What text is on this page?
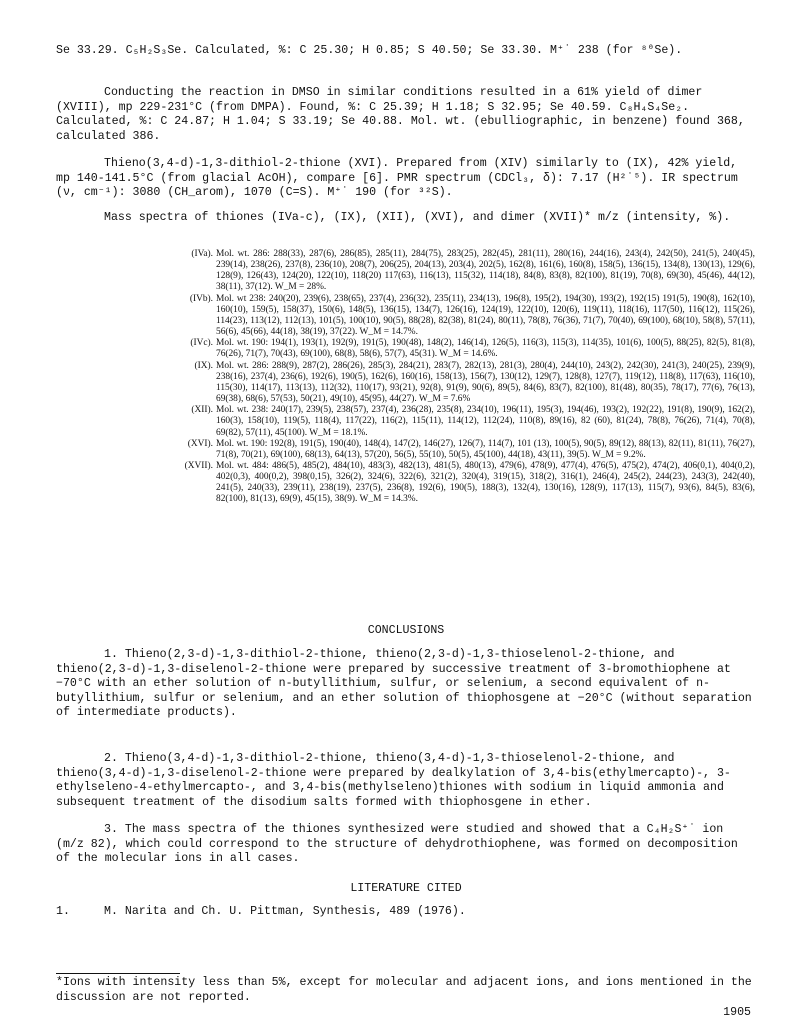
Se 33.29. C₅H₂S₃Se. Calculated, %: C 25.30; H 0.85; S 40.50; Se 33.30. M⁺˙ 238 (for ⁸⁰Se).

Conducting the reaction in DMSO in similar conditions resulted in a 61% yield of dimer (XVIII), mp 229-231°C (from DMPA). Found, %: C 25.39; H 1.18; S 32.95; Se 40.59. C₈H₄S₄Se₂. Calculated, %: C 24.87; H 1.04; S 33.19; Se 40.88. Mol. wt. (ebulliographic, in benzene) found 368, calculated 386.

Thieno(3,4-d)-1,3-dithiol-2-thione (XVI). Prepared from (XIV) similarly to (IX), 42% yield, mp 140-141.5°C (from glacial AcOH), compare [6]. PMR spectrum (CDCl₃, δ): 7.17 (H²˙⁵). IR spectrum (ν, cm⁻¹): 3080 (CH_arom), 1070 (C=S). M⁺˙ 190 (for ³²S).

Mass spectra of thiones (IVa-c), (IX), (XII), (XVI), and dimer (XVII)* m/z (intensity, %).

(IVa). Mol. wt. 286: 288(33), 287(6), 286(85), 285(11), 284(75), 283(25), 282(45), 281(11), 280(16), 244(16), 243(4), 242(50), 241(5), 240(45), 239(14), 238(26), 237(8), 236(10), 208(7), 206(25), 204(13), 203(4), 202(5), 162(8), 161(6), 160(8), 158(5), 136(15), 134(8), 130(13), 129(6), 128(9), 126(43), 124(20), 122(10), 118(20) 117(63), 116(13), 115(32), 114(18), 84(8), 83(8), 82(100), 81(19), 70(8), 69(30), 45(46), 44(12), 38(11), 37(12). W_M = 28%.
(IVb). Mol. wt 238: 240(20), 239(6), 238(65), 237(4), 236(32), 235(11), 234(13), 196(8), 195(2), 194(30), 193(2), 192(15) 191(5), 190(8), 162(10), 160(10), 159(5), 158(37), 150(6), 148(5), 136(15), 134(7), 126(16), 124(19), 122(10), 120(6), 119(11), 118(16), 117(50), 116(12), 115(26), 114(23), 113(12), 112(13), 101(5), 100(10), 90(5), 88(28), 82(38), 81(24), 80(11), 78(8), 76(36), 71(7), 70(40), 69(100), 68(10), 58(8), 57(11), 56(6), 45(66), 44(18), 38(19), 37(22). W_M = 14.7%.
(IVc). Mol. wt. 190: 194(1), 193(1), 192(9), 191(5), 190(48), 148(2), 146(14), 126(5), 116(3), 115(3), 114(35), 101(6), 100(5), 88(25), 82(5), 81(8), 76(26), 71(7), 70(43), 69(100), 68(8), 58(6), 57(7), 45(31). W_M = 14.6%.
(IX). Mol. wt. 286: 288(9), 287(2), 286(26), 285(3), 284(21), 283(7), 282(13), 281(3), 280(4), 244(10), 243(2), 242(30), 241(3), 240(25), 239(9), 238(16), 237(4), 236(6), 192(6), 190(5), 162(6), 160(16), 158(13), 156(7), 130(12), 129(7), 128(8), 127(7), 119(12), 118(8), 117(63), 116(10), 115(30), 114(17), 113(13), 112(32), 110(17), 93(21), 92(8), 91(9), 90(6), 89(5), 84(6), 83(7), 82(100), 81(48), 80(35), 78(17), 77(6), 76(13), 69(38), 68(6), 57(53), 50(21), 49(10), 45(95), 44(27). W_M = 7.6%
(XII). Mol. wt. 238: 240(17), 239(5), 238(57), 237(4), 236(28), 235(8), 234(10), 196(11), 195(3), 194(46), 193(2), 192(22), 191(8), 190(9), 162(2), 160(3), 158(10), 119(5), 118(4), 117(22), 116(2), 115(11), 114(12), 112(24), 110(8), 89(16), 82 (60), 81(24), 78(8), 76(26), 71(4), 70(8), 69(82), 57(11), 45(100). W_M = 18.1%.
(XVI). Mol. wt. 190: 192(8), 191(5), 190(40), 148(4), 147(2), 146(27), 126(7), 114(7), 101 (13), 100(5), 90(5), 89(12), 88(13), 82(11), 81(11), 76(27), 71(8), 70(21), 69(100), 68(13), 64(13), 57(20), 56(5), 55(10), 50(5), 45(100), 44(18), 43(11), 39(5). W_M = 9.2%.
(XVII). Mol. wt. 484: 486(5), 485(2), 484(10), 483(3), 482(13), 481(5), 480(13), 479(6), 478(9), 477(4), 476(5), 475(2), 474(2), 406(0,1), 404(0,2), 402(0,3), 400(0,2), 398(0,15), 326(2), 324(6), 322(6), 321(2), 320(4), 319(15), 318(2), 316(1), 246(4), 245(2), 244(23), 243(3), 242(40), 241(5), 240(33), 239(11), 238(19), 237(5), 236(8), 192(6), 190(5), 188(3), 132(4), 130(16), 128(9), 117(13), 115(7), 93(6), 84(5), 83(6), 82(100), 81(13), 69(9), 45(15), 38(9). W_M = 14.3%.

CONCLUSIONS

1. Thieno(2,3-d)-1,3-dithiol-2-thione, thieno(2,3-d)-1,3-thioselenol-2-thione, and thieno(2,3-d)-1,3-diselenol-2-thione were prepared by successive treatment of 3-bromothiophene at −70°C with an ether solution of n-butyllithium, sulfur, or selenium, a second equivalent of n-butyllithium, sulfur or selenium, and an ether solution of thiophosgene at −20°C (without separation of intermediate products).

2. Thieno(3,4-d)-1,3-dithiol-2-thione, thieno(3,4-d)-1,3-thioselenol-2-thione, and thieno(3,4-d)-1,3-diselenol-2-thione were prepared by dealkylation of 3,4-bis(ethylmercapto)-, 3-ethylseleno-4-ethylmercapto-, and 3,4-bis(methylseleno)thiones with sodium in liquid ammonia and subsequent treatment of the disodium salts formed with thiophosgene in ether.

3. The mass spectra of the thiones synthesized were studied and showed that a C₄H₂S⁺˙ ion (m/z 82), which could correspond to the structure of dehydrothiophene, was formed on decomposition of the molecular ions in all cases.

LITERATURE CITED

1.	M. Narita and Ch. U. Pittman, Synthesis, 489 (1976).

*Ions with intensity less than 5%, except for molecular and adjacent ions, and ions mentioned in the discussion are not reported.

1905
